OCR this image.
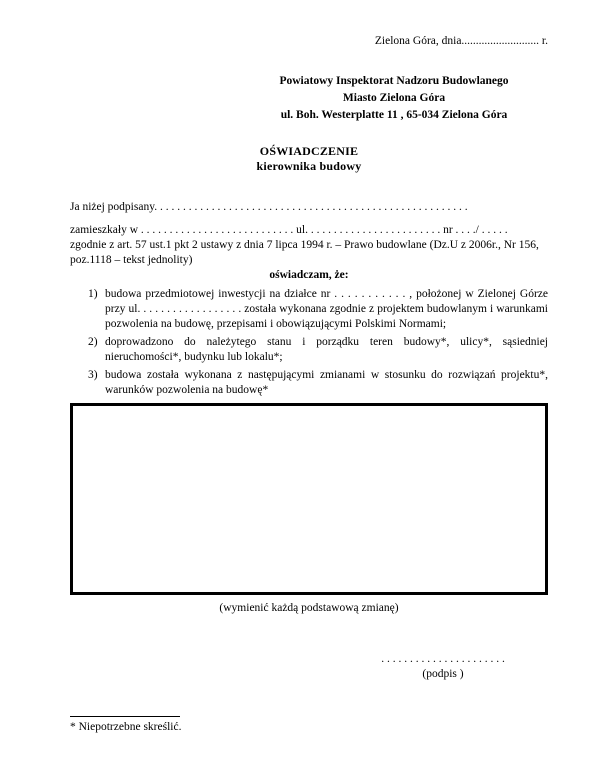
Zielona Góra, dnia........................... r.
Powiatowy Inspektorat Nadzoru Budowlanego
Miasto Zielona Góra
ul. Boh. Westerplatte 11 , 65-034 Zielona Góra
OŚWIADCZENIE
kierownika budowy

Ja niżej podpisany. . . . . . . . . . . . . . . . . . . . . . . . . . . . . . . . . . . . . . . . . . . . . . . . . . . . . . .

zamieszkały w . . . . . . . . . . . . . . . . . . . . . . . . . . . ul. . . . . . . . . . . . . . . . . . . . . . . . nr . . . ./ . . . . .

zgodnie z art. 57 ust.1 pkt 2 ustawy z dnia 7 lipca 1994 r. – Prawo budowlane (Dz.U z 2006r., Nr 156, poz.1118 – tekst jednolity)

oświadczam, że:

1) budowa przedmiotowej inwestycji na działce nr . . . . . . . . . . . , położonej w Zielonej Górze przy ul. . . . . . . . . . . . . . . . . . została wykonana zgodnie z projektem budowlanym i warunkami pozwolenia na budowę, przepisami i obowiązującymi Polskimi Normami;
2) doprowadzono do należytego stanu i porządku teren budowy*, ulicy*, sąsiedniej nieruchomości*, budynku lub lokalu*;
3) budowa została wykonana z następującymi zmianami w stosunku do rozwiązań projektu*, warunków pozwolenia na budowę*
(wymienić każdą podstawową zmianę)
. . . . . . . . . . . . . . . . . . . . . .
(podpis )
* Niepotrzebne skreślić.
